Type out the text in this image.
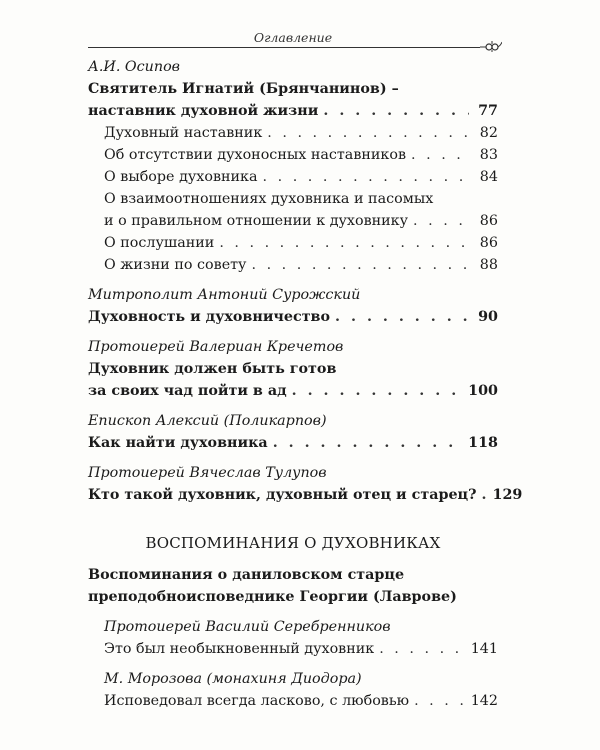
Оглавление
А.И. Осипов
Святитель Игнатий (Брянчанинов) –
наставник духовной жизни . . .	77
Духовный наставник . . .	82
Об отсутствии духоносных наставников . . .	83
О выборе духовника . . .	84
О взаимоотношениях духовника и пасомых
и о правильном отношении к духовнику . . .	86
О послушании . . .	86
О жизни по совету . . .	88
Митрополит Антоний Сурожский
Духовность и духовничество . . .	90
Протоиерей Валериан Кречетов
Духовник должен быть готов
за своих чад пойти в ад . . .	100
Епископ Алексий (Поликарпов)
Как найти духовника . . .	118
Протоиерей Вячеслав Тулупов
Кто такой духовник, духовный отец и старец? . . . 129
ВОСПОМИНАНИЯ О ДУХОВНИКАХ
Воспоминания о даниловском старце
преподобноисповеднике Георгии (Лаврове)
Протоиерей Василий Серебренников
Это был необыкновенный духовник . . .	141
М. Морозова (монахиня Диодора)
Исповедовал всегда ласково, с любовью . . .	142
